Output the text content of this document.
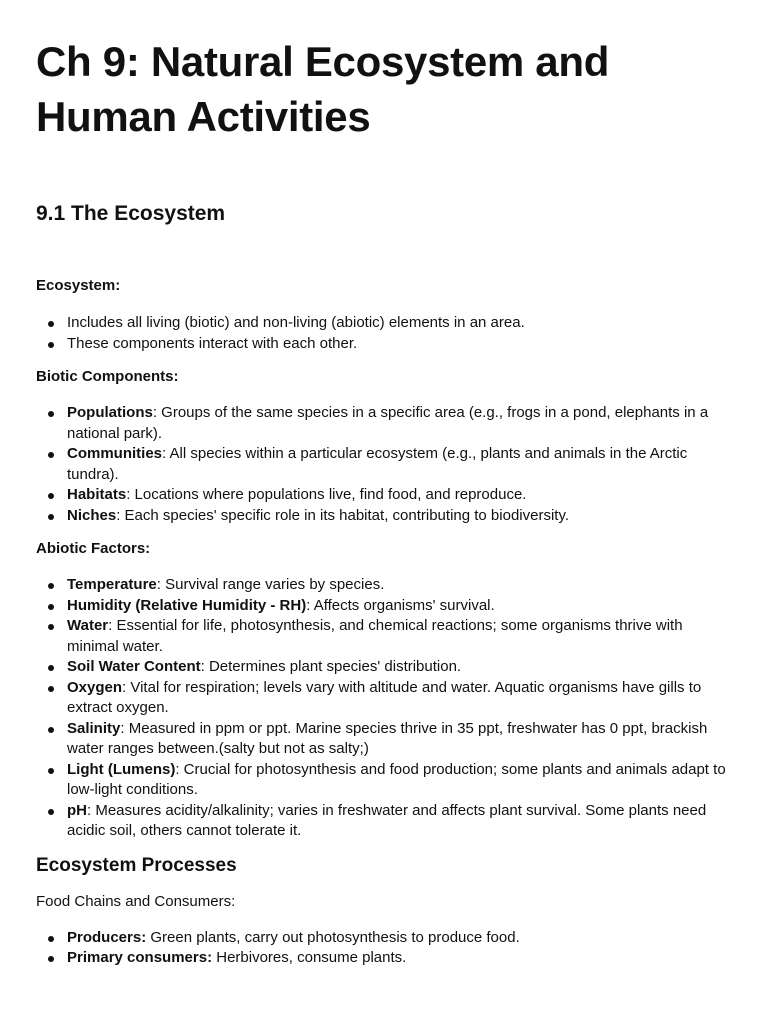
Ch 9: Natural Ecosystem and Human Activities
9.1 The Ecosystem

Ecosystem:

Includes all living (biotic) and non-living (abiotic) elements in an area.
These components interact with each other.

Biotic Components:

Populations: Groups of the same species in a specific area (e.g., frogs in a pond, elephants in a national park).
Communities: All species within a particular ecosystem (e.g., plants and animals in the Arctic tundra).
Habitats: Locations where populations live, find food, and reproduce.
Niches: Each species' specific role in its habitat, contributing to biodiversity.

Abiotic Factors:

Temperature: Survival range varies by species.
Humidity (Relative Humidity - RH): Affects organisms' survival.
Water: Essential for life, photosynthesis, and chemical reactions; some organisms thrive with minimal water.
Soil Water Content: Determines plant species' distribution.
Oxygen: Vital for respiration; levels vary with altitude and water. Aquatic organisms have gills to extract oxygen.
Salinity: Measured in ppm or ppt. Marine species thrive in 35 ppt, freshwater has 0 ppt, brackish water ranges between.(salty but not as salty;)
Light (Lumens): Crucial for photosynthesis and food production; some plants and animals adapt to low-light conditions.
pH: Measures acidity/alkalinity; varies in freshwater and affects plant survival. Some plants need acidic soil, others cannot tolerate it.
Ecosystem Processes

Food Chains and Consumers:

Producers: Green plants, carry out photosynthesis to produce food.
Primary consumers: Herbivores, consume plants.
